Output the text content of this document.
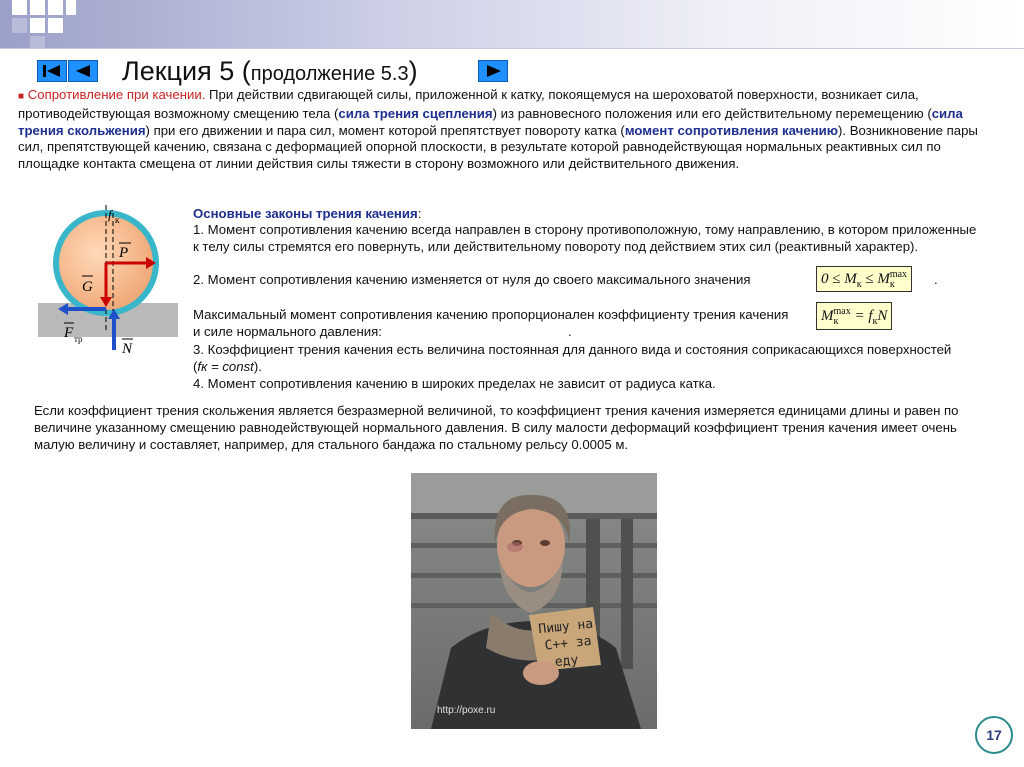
Лекция 5 (продолжение 5.3)
■ Сопротивление при качении. При действии сдвигающей силы, приложенной к катку, покоящемуся на шероховатой поверхности, возникает сила, противодействующая возможному смещению тела (сила трения сцепления) из равновесного положения или его действительному перемещению (сила трения скольжения) при его движении и пара сил, момент которой препятствует повороту катка (момент сопротивления качению). Возникновение пары сил, препятствующей качению, связана с деформацией опорной плоскости, в результате которой равнодействующая нормальных реактивных сил по площадке контакта смещена от линии действия силы тяжести в сторону возможного или действительного движения.
f к
P
G
F тр
N
Основные законы трения качения:
1. Момент сопротивления качению всегда направлен в сторону противоположную, тому направлению, в котором приложенные к телу силы стремятся его повернуть, или действительному повороту под действием этих сил (реактивный характер).
2. Момент сопротивления качению изменяется от нуля до своего максимального значения	.
Максимальный момент сопротивления качению пропорционален коэффициенту трения качения и силе нормального давления:	.
3. Коэффициент трения качения есть величина постоянная для данного вида и состояния соприкасающихся поверхностей (fк = const).
4. Момент сопротивления качению в широких пределах не зависит от радиуса катка.
$0 \le M_к \le Mmax$
к
Mmax
$к = f_кN$
Если коэффициент трения скольжения является безразмерной величиной, то коэффициент трения качения измеряется единицами длины и равен по величине указанному смещению равнодействующей нормального давления. В силу малости деформаций коэффициент трения качения имеет очень малую величину и составляет, например, для стального бандажа по стальному рельсу 0.0005 м.
Пишу на
C++ за
еду
http://poxe.ru
17
